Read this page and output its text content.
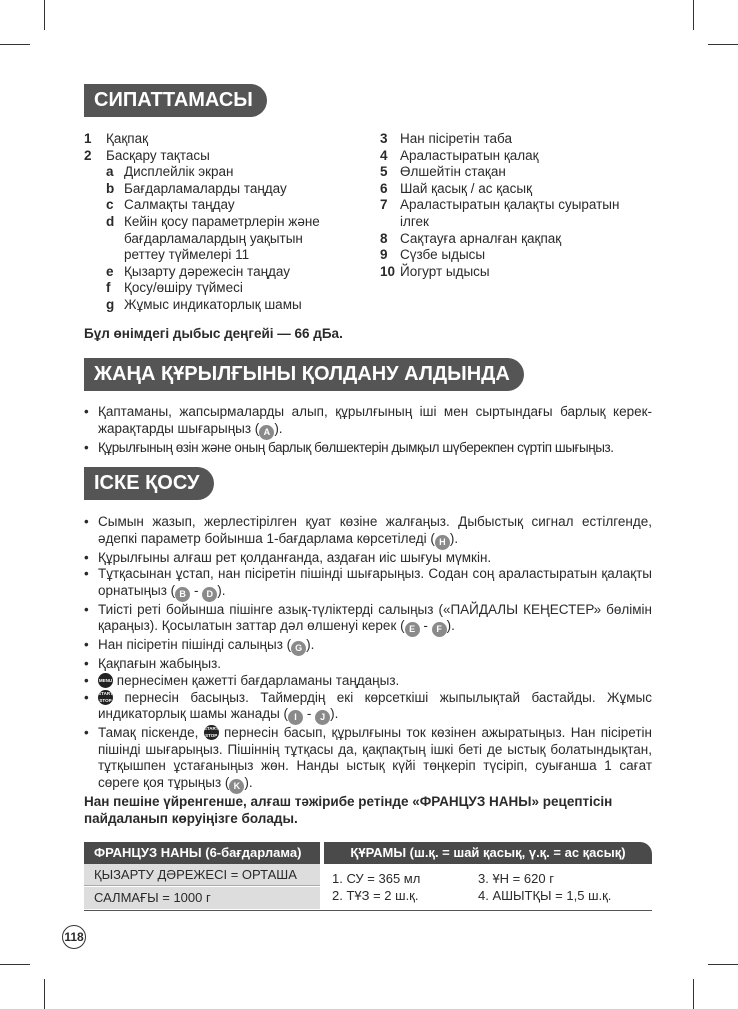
СИПАТТАМАСЫ
1	Қақпақ
2	Басқару тақтасы
a Дисплейлік экран
b Бағдарламаларды таңдау
c Салмақты таңдау
d Кейін қосу параметрлерін және бағдарламалардың уақытын реттеу түймелері 11
e Қызарту дәрежесін таңдау
f	Қосу/өшіру түймесі
g Жұмыс индикаторлық шамы
3 Нан пісіретін таба
4 Араластыратын қалақ
5 Өлшейтін стақан
6 Шай қасық / ас қасық
7 Араластыратын қалақты суыратын ілгек
8 Сақтауға арналған қақпақ
9 Сүзбе ыдысы
10 Йогурт ыдысы
Бұл өнімдегі дыбыс деңгейі — 66 дБа.
ЖАҢА ҚҰРЫЛҒЫНЫ ҚОЛДАНУ АЛДЫНДА
• Қаптаманы, жапсырмаларды алып, құрылғының іші мен сыртындағы барлық керек-жарақтарды шығарыңыз ( A ).
• Құрылғының өзін және оның барлық бөлшектерін дымқыл шүберекпен сүртіп шығыңыз.
ІСКЕ ҚОСУ
• Сымын жазып, жерлестірілген қуат көзіне жалғаңыз. Дыбыстық сигнал естілгенде, әдепкі параметр бойынша 1-бағдарлама көрсетіледі ( H ).
• Құрылғыны алғаш рет қолданғанда, аздаған иіс шығуы мүмкін.
• Тұтқасынан ұстап, нан пісіретін пішінді шығарыңыз. Содан соң араластыратын қалақты орнатыңыз ( B - D ).
• Тиісті реті бойынша пішінге азық-түліктерді салыңыз («ПАЙДАЛЫ КЕҢЕСТЕР» бөлімін қараңыз). Қосылатын заттар дәл өлшенуі керек ( E - F ).
• Нан пісіретін пішінді салыңыз ( G ).
• Қақпағын жабыңыз.
•	MENU пернесімен қажетті бағдарламаны таңдаңыз.
•	START STOP пернесін басыңыз. Таймердің екі көрсеткіші жыпылықтай бастайды. Жұмыс индикаторлық шамы жанады ( I - J ).
• Тамақ піскенде, START STOP пернесін басып, құрылғыны ток көзінен ажыратыңыз. Нан пісіретін пішінді шығарыңыз. Пішіннің тұтқасы да, қақпақтың ішкі беті де ыстық болатындықтан, тұтқышпен ұстағаныңыз жөн. Нанды ыстық күйі төңкеріп түсіріп, суығанша 1 сағат сөреге қоя тұрыңыз ( K ).
Нан пешіне үйренгенше, алғаш тәжірибе ретінде «ФРАНЦУЗ НАНЫ» рецептісін пайдаланып көруіңізге болады.
ФРАНЦУЗ НАНЫ (6-бағдарлама)	ҚҰРАМЫ (ш.қ. = шай қасық, ү.қ. = ас қасық)
ҚЫЗАРТУ ДӘРЕЖЕСІ = ОРТАША
САЛМАҒЫ = 1000 г
1. СУ = 365 мл	3. ҰН = 620 г
2. ТҰЗ = 2 ш.қ.	4. АШЫТҚЫ = 1,5 ш.қ.
118
